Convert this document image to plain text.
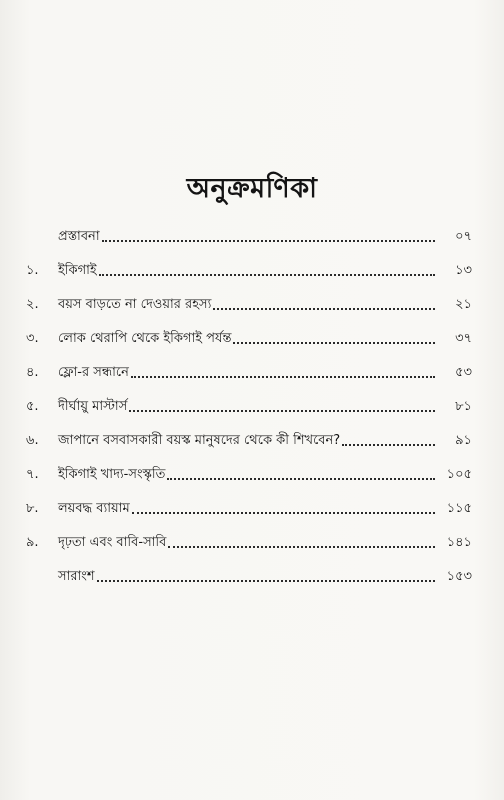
অনুক্রমণিকা
প্রস্তাবনা	০৭
১.	ইকিগাই	১৩
২.	বয়স বাড়তে না দেওয়ার রহস্য	২১
৩.	লোক থেরাপি থেকে ইকিগাই পর্যন্ত	৩৭
৪.	ফ্লো-র সন্ধানে	৫৩
৫.	দীর্ঘায়ু মাস্টার্স	৮১
৬.	জাপানে বসবাসকারী বয়স্ক মানুষদের থেকে কী শিখবেন?	৯১
৭.	ইকিগাই খাদ্য-সংস্কৃতি	১০৫
৮.	লয়বদ্ধ ব্যায়াম	১১৫
৯.	দৃঢ়তা এবং বাবি-সাবি	১৪১
সারাংশ	১৫৩
